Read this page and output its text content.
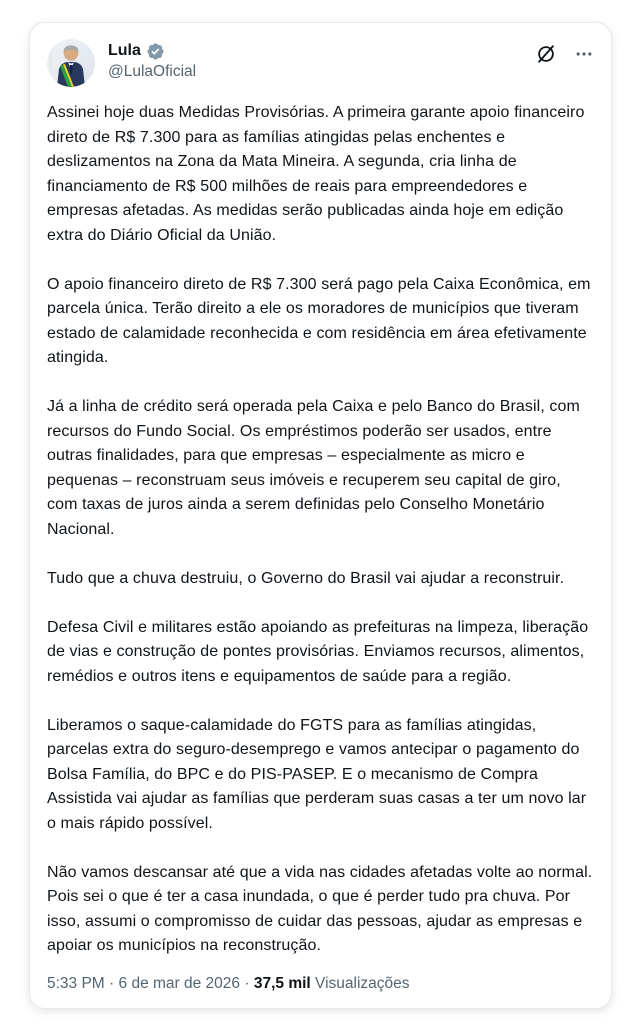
Lula
@LulaOficial

Assinei hoje duas Medidas Provisórias. A primeira garante apoio financeiro direto de R$ 7.300 para as famílias atingidas pelas enchentes e deslizamentos na Zona da Mata Mineira. A segunda, cria linha de financiamento de R$ 500 milhões de reais para empreendedores e empresas afetadas. As medidas serão publicadas ainda hoje em edição extra do Diário Oficial da União.

O apoio financeiro direto de R$ 7.300 será pago pela Caixa Econômica, em parcela única. Terão direito a ele os moradores de municípios que tiveram estado de calamidade reconhecida e com residência em área efetivamente atingida.

Já a linha de crédito será operada pela Caixa e pelo Banco do Brasil, com recursos do Fundo Social. Os empréstimos poderão ser usados, entre outras finalidades, para que empresas – especialmente as micro e pequenas – reconstruam seus imóveis e recuperem seu capital de giro, com taxas de juros ainda a serem definidas pelo Conselho Monetário Nacional.

Tudo que a chuva destruiu, o Governo do Brasil vai ajudar a reconstruir.

Defesa Civil e militares estão apoiando as prefeituras na limpeza, liberação de vias e construção de pontes provisórias. Enviamos recursos, alimentos, remédios e outros itens e equipamentos de saúde para a região.

Liberamos o saque-calamidade do FGTS para as famílias atingidas, parcelas extra do seguro-desemprego e vamos antecipar o pagamento do Bolsa Família, do BPC e do PIS-PASEP. E o mecanismo de Compra Assistida vai ajudar as famílias que perderam suas casas a ter um novo lar o mais rápido possível.

Não vamos descansar até que a vida nas cidades afetadas volte ao normal. Pois sei o que é ter a casa inundada, o que é perder tudo pra chuva. Por isso, assumi o compromisso de cuidar das pessoas, ajudar as empresas e apoiar os municípios na reconstrução.

5:33 PM · 6 de mar de 2026 · 37,5 mil Visualizações
